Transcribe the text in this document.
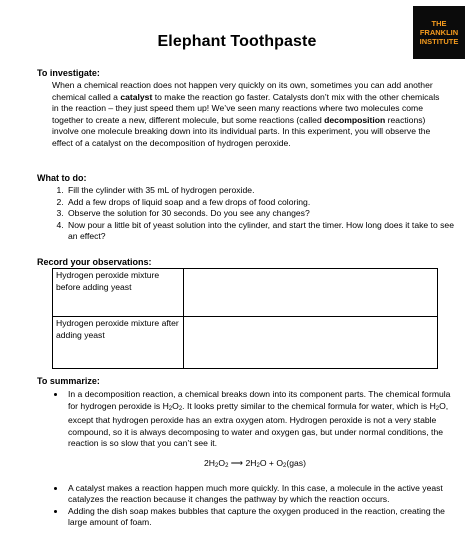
Elephant Toothpaste
THE
FRANKLIN
INSTITUTE
To investigate:
When a chemical reaction does not happen very quickly on its own, sometimes you can add another chemical called a catalyst to make the reaction go faster. Catalysts don’t mix with the other chemicals in the reaction – they just speed them up! We’ve seen many reactions where two molecules come together to create a new, different molecule, but some reactions (called decomposition reactions) involve one molecule breaking down into its individual parts. In this experiment, you will observe the effect of a catalyst on the decomposition of hydrogen peroxide.
What to do:
1. Fill the cylinder with 35 mL of hydrogen peroxide.
2. Add a few drops of liquid soap and a few drops of food coloring.
3. Observe the solution for 30 seconds. Do you see any changes?
4. Now pour a little bit of yeast solution into the cylinder, and start the timer. How long does it take to see an effect?
Record your observations:
Hydrogen peroxide mixture before adding yeast	
Hydrogen peroxide mixture after adding yeast	
To summarize:
• In a decomposition reaction, a chemical breaks down into its component parts. The chemical formula for hydrogen peroxide is $H_2O_2$. It looks pretty similar to the chemical formula for water, which is $H_2O$, except that hydrogen peroxide has an extra oxygen atom. Hydrogen peroxide is not a very stable compound, so it is always decomposing to water and oxygen gas, but under normal conditions, the reaction is so slow that you can’t see it.
$2H_2O_2$ ⟶ $2H_2O + O_2(gas)$
• A catalyst makes a reaction happen much more quickly. In this case, a molecule in the active yeast catalyzes the reaction because it changes the pathway by which the reaction occurs.
• Adding the dish soap makes bubbles that capture the oxygen produced in the reaction, creating the large amount of foam.
